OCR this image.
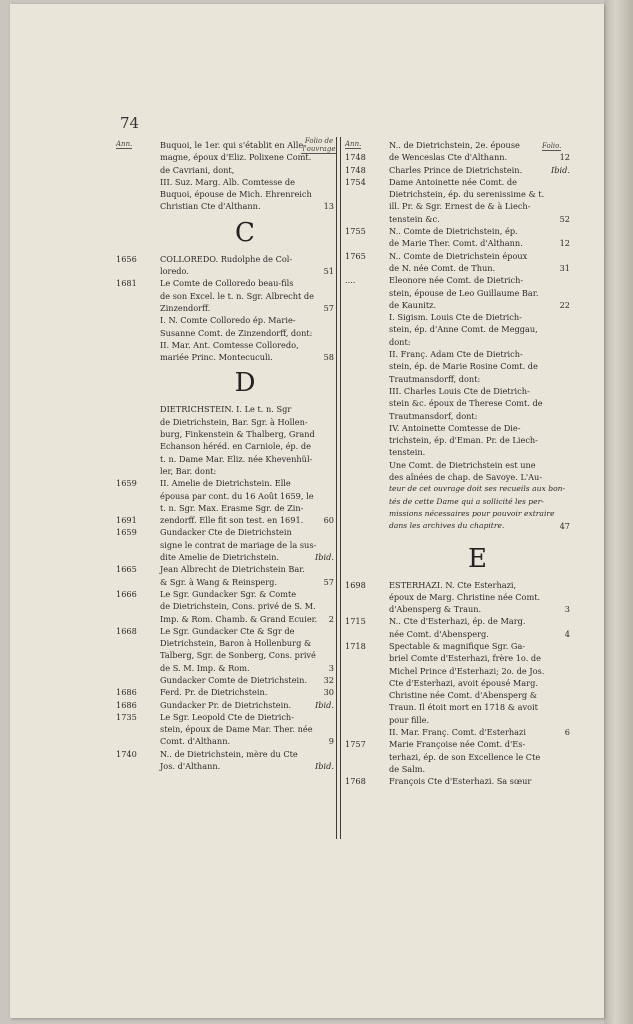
74
Ann.	Folio de
l'ouvrage
Ann.	Folio.
Buquoi, le 1er. qui s'établit en Alle-
magne, époux d'Eliz. Polixene Comt.
de Cavriani, dont,
III. Suz. Marg. Alb. Comtesse de
Buquoi, épouse de Mich. Ehrenreich
Christian Cte d'Althann.	13
C
1656	COLLOREDO. Rudolphe de Col-
loredo.	51
1681	Le Comte de Colloredo beau-fils
de son Excel. le t. n. Sgr. Albrecht de
Zinzendorff.	57
I. N. Comte Colloredo ép. Marie-
Susanne Comt. de Zinzendorff, dont:
II. Mar. Ant. Comtesse Colloredo,
mariée Princ. Montecuculi.	58
D
DIETRICHSTEIN. I. Le t. n. Sgr
de Dietrichstein, Bar. Sgr. à Hollen-
burg, Finkenstein & Thalberg, Grand
Echanson héréd. en Carniole, ép. de
t. n. Dame Mar. Eliz. née Khevenhül-
ler, Bar. dont:
1659	II. Amelie de Dietrichstein. Elle
épousa par cont. du 16 Août 1659, le
t. n. Sgr. Max. Erasme Sgr. de Zin-
1691	zendorff. Elle fit son test. en 1691. 60
1659	Gundacker Cte de Dietrichstein
signe le contrat de mariage de la sus-
dite Amelie de Dietrichstein.	Ibid.
1665	Jean Albrecht de Dietrichstein Bar.
& Sgr. à Wang & Reinsperg.	57
1666	Le Sgr. Gundacker Sgr. & Comte
de Dietrichstein, Cons. privé de S. M.
Imp. & Rom. Chamb. & Grand Ecuier. 2
1668	Le Sgr. Gundacker Cte & Sgr de
Dietrichstein, Baron à Hollenburg &
Talberg, Sgr. de Sonberg, Cons. privé
de S. M. Imp. & Rom.	3
Gundacker Comte de Dietrichstein. 32
1686	Ferd. Pr. de Dietrichstein.	30
1686	Gundacker Pr. de Dietrichstein.	Ibid.
1735	Le Sgr. Leopold Cte de Dietrich-
stein, époux de Dame Mar. Ther. née
Comt. d'Althann.	9
1740	N.. de Dietrichstein, mère du Cte
Jos. d'Althann.	Ibid.
N.. de Dietrichstein, 2e. épouse
1748	de Wenceslas Cte d'Althann.	12
1748	Charles Prince de Dietrichstein.	Ibid.
1754	Dame Antoinette née Comt. de
Dietrichstein, ép. du serenissime & t.
ill. Pr. & Sgr. Ernest de & à Liech-
tenstein &c.	52
1755	N.. Comte de Dietrichstein, ép.
de Marie Ther. Comt. d'Althann.	12
1765	N.. Comte de Dietrichstein époux
de N. née Comt. de Thun.	31
....	Eleonore née Comt. de Dietrich-
stein, épouse de Leo Guillaume Bar.
de Kaunitz.	22
I. Sigism. Louis Cte de Dietrich-
stein, ép. d'Anne Comt. de Meggau,
dont:
II. Franç. Adam Cte de Dietrich-
stein, ép. de Marie Rosine Comt. de
Trautmansdorff, dont:
III. Charles Louis Cte de Dietrich-
stein &c. époux de Therese Comt. de
Trautmansdorf, dont:
IV. Antoinette Comtesse de Die-
trichstein, ép. d'Eman. Pr. de Liech-
tenstein.
Une Comt. de Dietrichstein est une
des aînées de chap. de Savoye. L'Au-
teur de cet ouvrage doit ses recueils aux bon-
tés de cette Dame qui a sollicité les per-
missions nécessaires pour pouvoir extraire
dans les archives du chapitre.	47
E
1698	ESTERHAZI. N. Cte Esterhazi,
époux de Marg. Christine née Comt.
d'Abensperg & Traun.	3
1715	N.. Cte d'Esterhazi, ép. de Marg.
née Comt. d'Abensperg.	4
1718	Spectable & magnifique Sgr. Ga-
briel Comte d'Esterhazi, frère 1o. de
Michel Prince d'Esterhazi; 2o. de Jos.
Cte d'Esterhazi, avoit épousé Marg.
Christine née Comt. d'Abensperg &
Traun. Il étoit mort en 1718 & avoit
pour fille.
II. Mar. Franç. Comt. d'Esterhazi	6
1757	Marie Françoise née Comt. d'Es-
terhazi, ép. de son Excellence le Cte
de Salm.
1768	François Cte d'Esterhazi. Sa sœur
